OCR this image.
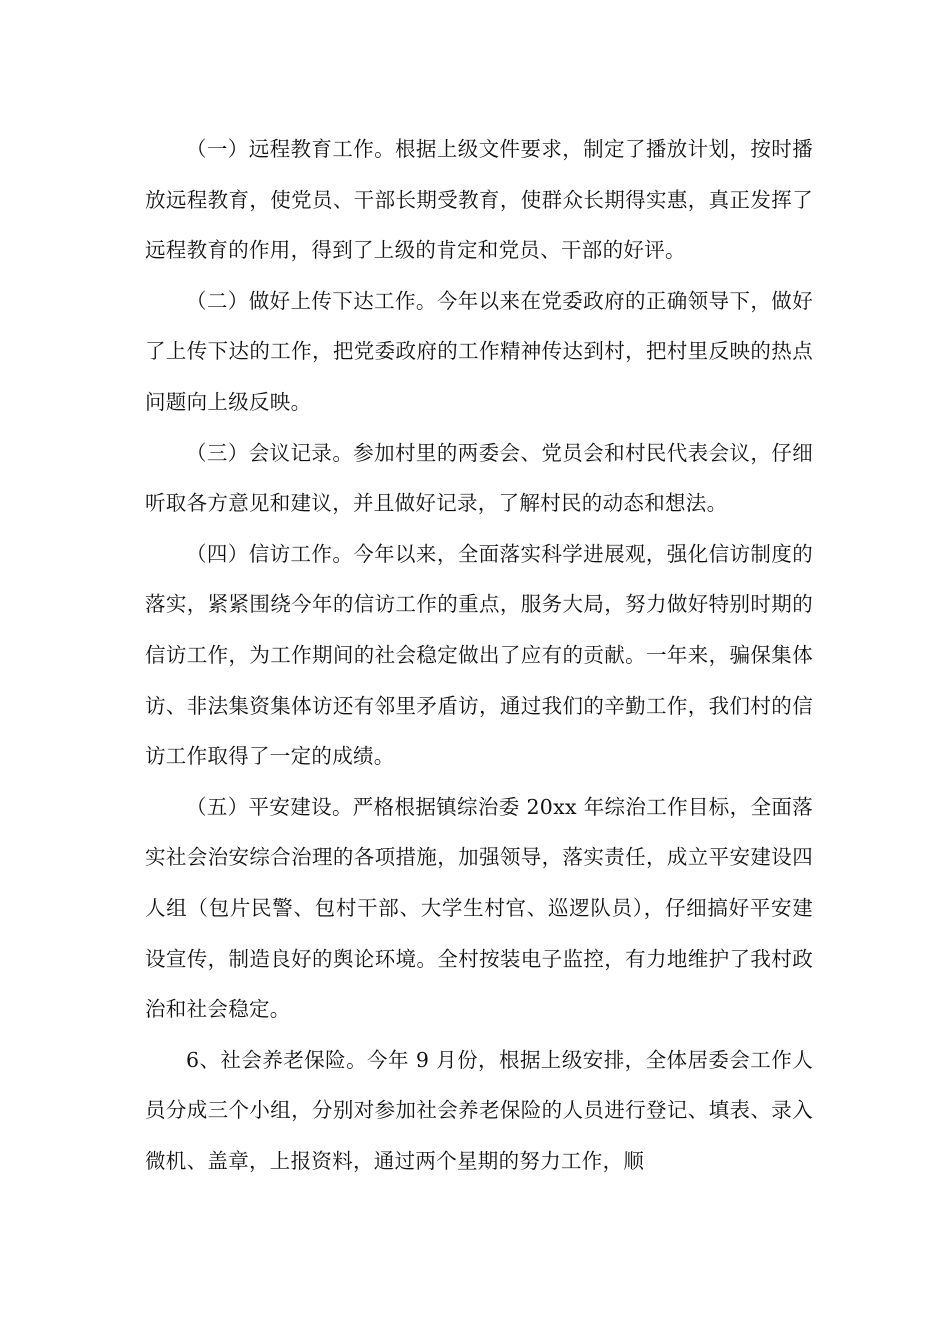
（一）远程教育工作。根据上级文件要求，制定了播放计划，按时播放远程教育，使党员、干部长期受教育，使群众长期得实惠，真正发挥了远程教育的作用，得到了上级的肯定和党员、干部的好评。

（二）做好上传下达工作。今年以来在党委政府的正确领导下，做好了上传下达的工作，把党委政府的工作精神传达到村，把村里反映的热点问题向上级反映。

（三）会议记录。参加村里的两委会、党员会和村民代表会议，仔细听取各方意见和建议，并且做好记录，了解村民的动态和想法。

（四）信访工作。今年以来，全面落实科学进展观，强化信访制度的落实，紧紧围绕今年的信访工作的重点，服务大局，努力做好特别时期的信访工作，为工作期间的社会稳定做出了应有的贡献。一年来，骗保集体访、非法集资集体访还有邻里矛盾访，通过我们的辛勤工作，我们村的信访工作取得了一定的成绩。

（五）平安建设。严格根据镇综治委 20xx 年综治工作目标，全面落实社会治安综合治理的各项措施，加强领导，落实责任，成立平安建设四人组（包片民警、包村干部、大学生村官、巡逻队员），仔细搞好平安建设宣传，制造良好的舆论环境。全村按装电子监控，有力地维护了我村政治和社会稳定。

6、社会养老保险。今年 9 月份，根据上级安排，全体居委会工作人员分成三个小组，分别对参加社会养老保险的人员进行登记、填表、录入微机、盖章，上报资料，通过两个星期的努力工作，顺
